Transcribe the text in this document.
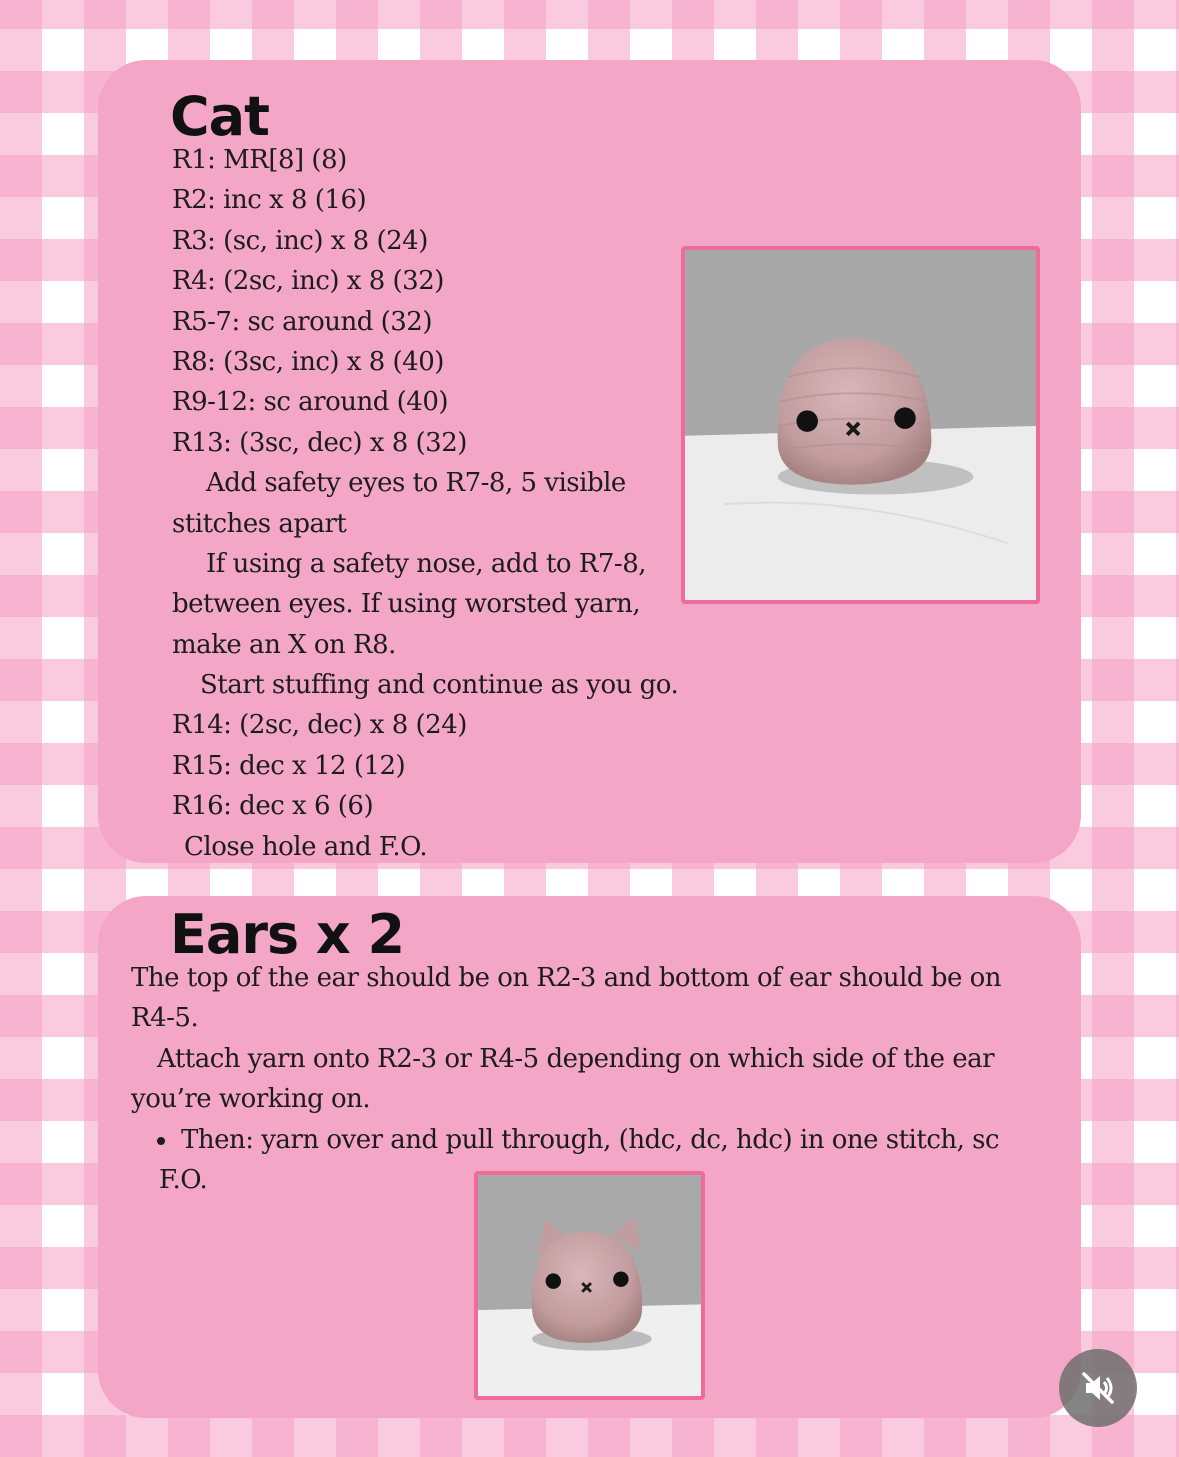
Cat
R1: MR[8] (8)
R2: inc x 8 (16)
R3: (sc, inc) x 8 (24)
R4: (2sc, inc) x 8 (32)
R5-7: sc around (32)
R8: (3sc, inc) x 8 (40)
R9-12: sc around (40)
R13: (3sc, dec) x 8 (32)
Add safety eyes to R7-8, 5 visible
stitches apart
If using a safety nose, add to R7-8,
between eyes. If using worsted yarn,
make an X on R8.
Start stuffing and continue as you go.
R14: (2sc, dec) x 8 (24)
R15: dec x 12 (12)
R16: dec x 6 (6)
Close hole and F.O.
Ears x 2
The top of the ear should be on R2-3 and bottom of ear should be on
R4-5.
Attach yarn onto R2-3 or R4-5 depending on which side of the ear
you’re working on.
Then: yarn over and pull through, (hdc, dc, hdc) in one stitch, sc
F.O.
